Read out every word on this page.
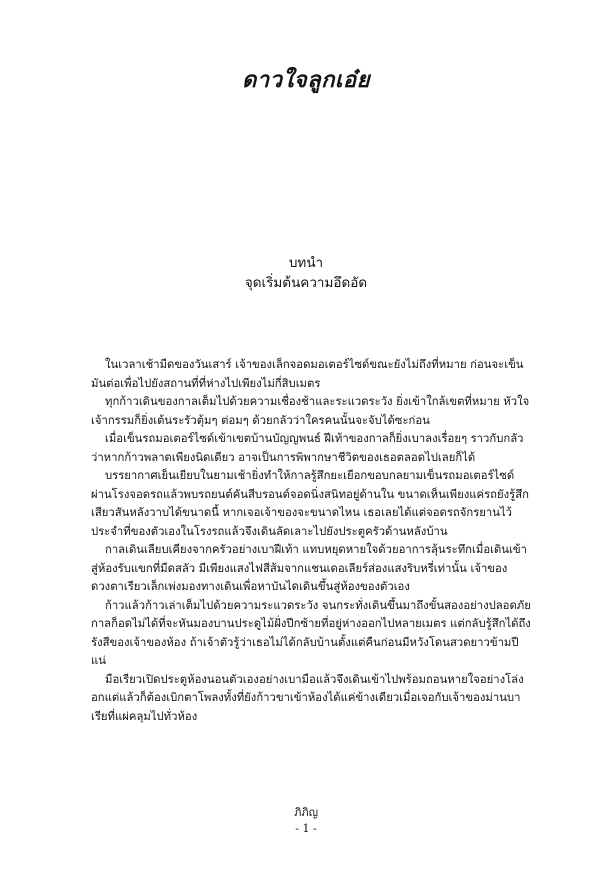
ดาวใจลูกเอ๋ย
บทนำ
จุดเริ่มต้นความอึดอัด

ในเวลาเช้ามืดของวันเสาร์ เจ้าของเล็กจอดมอเตอร์ไซด์ขณะยังไม่ถึงที่หมาย ก่อนจะเข็นมันต่อเพื่อไปยังสถานที่ที่ห่างไปเพียงไม่กี่สิบเมตร

ทุกก้าวเดินของกาลเต็มไปด้วยความเชื่องช้าและระแวดระวัง ยิ่งเข้าใกล้เขตที่หมาย หัวใจเจ้ากรรมก็ยิ่งเต้นระรัวตุ้มๆ ต่อมๆ ด้วยกลัวว่าใครคนนั้นจะจับได้ซะก่อน

เมื่อเข็นรถมอเตอร์ไซด์เข้าเขตบ้านบัญญพนธ์ ฝีเท้าของกาลก็ยิ่งเบาลงเรื่อยๆ ราวกับกลัวว่าหากก้าวพลาดเพียงนิดเดียว อาจเป็นการพิพากษาชีวิตของเธอตลอดไปเลยก็ได้

บรรยากาศเย็นเยียบในยามเช้ายิ่งทำให้กาลรู้สึกยะเยือกขอบกลยามเข็นรถมอเตอร์ไซด์ผ่านโรงจอดรถแล้วพบรถยนต์คันสีบรอนด์จอดนิ่งสนิทอยู่ด้านใน ขนาดเห็นเพียงแค่รถยังรู้สึกเสียวสันหลังวาบได้ขนาดนี้ หากเจอเจ้าของจะขนาดไหน เธอเลยได้แต่จอดรถจักรยานไว้ประจำที่ของตัวเองในโรงรถแล้วจึงเดินลัดเลาะไปยังประตูครัวด้านหลังบ้าน

กาลเดินเลียบเคียงจากครัวอย่างเบาฝีเท้า แทบหยุดหายใจด้วยอาการลุ้นระทึกเมื่อเดินเข้าสู่ห้องรับแขกที่มืดสลัว มีเพียงแสงไฟสีส้มจากแชนเดอเลียร์ส่องแสงริบหรี่เท่านั้น เจ้าของดวงตาเรียวเล็กเพ่งมองทางเดินเพื่อหาบันไดเดินขึ้นสู่ห้องของตัวเอง

ก้าวแล้วก้าวเล่าเต็มไปด้วยความระแวดระวัง จนกระทั่งเดินขึ้นมาถึงขั้นสองอย่างปลอดภัย กาลก็อดไม่ได้ที่จะหันมองบานประตูไม้ฝั่งปีกซ้ายที่อยู่ห่างออกไปหลายเมตร แต่กลับรู้สึกได้ถึงรังสีของเจ้าของห้อง ถ้าเจ้าตัวรู้ว่าเธอไม่ได้กลับบ้านตั้งแต่คืนก่อนมีหวังโดนสวดยาวข้ามปีแน่

มือเรียวเปิดประตูห้องนอนตัวเองอย่างเบามือแล้วจึงเดินเข้าไปพร้อมถอนหายใจอย่างโล่งอกแต่แล้วก็ต้องเบิกตาโพลงทั้งที่ยังก้าวขาเข้าห้องได้แค่ข้างเดียวเมื่อเจอกับเจ้าของม่านบาเรียที่แผ่คลุมไปทั่วห้อง

ภิภิญ
- 1 -
